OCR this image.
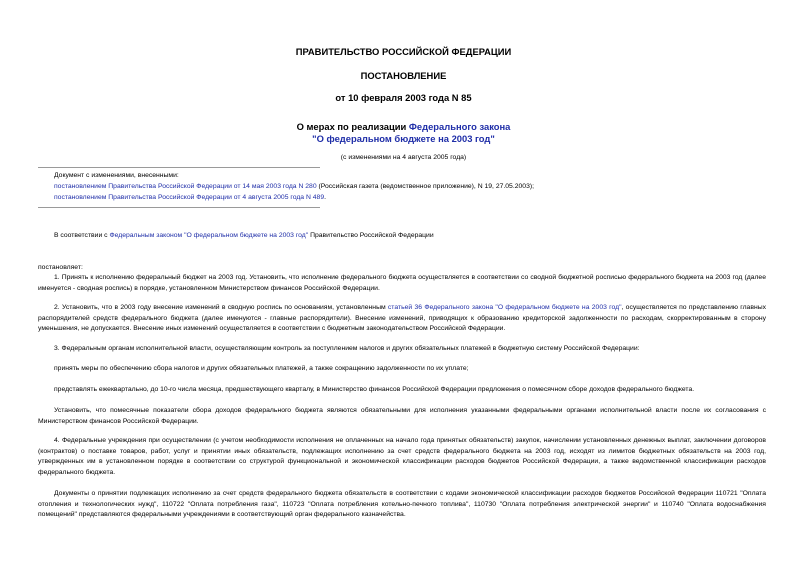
ПРАВИТЕЛЬСТВО РОССИЙСКОЙ ФЕДЕРАЦИИ
ПОСТАНОВЛЕНИЕ
от 10 февраля 2003 года N 85
О мерах по реализации Федерального закона
"О федеральном бюджете на 2003 год"
(с изменениями на 4 августа 2005 года)
Документ с изменениями, внесенными:
постановлением Правительства Российской Федерации от 14 мая 2003 года N 280 (Российская газета (ведомственное приложение), N 19, 27.05.2003);
постановлением Правительства Российской Федерации от 4 августа 2005 года N 489.
В соответствии с Федеральным законом "О федеральном бюджете на 2003 год" Правительство Российской Федерации
постановляет:
1. Принять к исполнению федеральный бюджет на 2003 год. Установить, что исполнение федерального бюджета осуществляется в соответствии со сводной бюджетной росписью федерального бюджета на 2003 год (далее именуется - сводная роспись) в порядке, установленном Министерством финансов Российской Федерации.
2. Установить, что в 2003 году внесение изменений в сводную роспись по основаниям, установленным статьей 36 Федерального закона "О федеральном бюджете на 2003 год", осуществляется по представлению главных распорядителей средств федерального бюджета (далее именуются - главные распорядители). Внесение изменений, приводящих к образованию кредиторской задолженности по расходам, скорректированным в сторону уменьшения, не допускается. Внесение иных изменений осуществляется в соответствии с бюджетным законодательством Российской Федерации.
3. Федеральным органам исполнительной власти, осуществляющим контроль за поступлением налогов и других обязательных платежей в бюджетную систему Российской Федерации:
принять меры по обеспечению сбора налогов и других обязательных платежей, а также сокращению задолженности по их уплате;
представлять ежеквартально, до 10-го числа месяца, предшествующего кварталу, в Министерство финансов Российской Федерации предложения о помесячном сборе доходов федерального бюджета.
Установить, что помесячные показатели сбора доходов федерального бюджета являются обязательными для исполнения указанными федеральными органами исполнительной власти после их согласования с Министерством финансов Российской Федерации.
4. Федеральные учреждения при осуществлении (с учетом необходимости исполнения не оплаченных на начало года принятых обязательств) закупок, начислении установленных денежных выплат, заключении договоров (контрактов) о поставке товаров, работ, услуг и принятии иных обязательств, подлежащих исполнению за счет средств федерального бюджета на 2003 год, исходят из лимитов бюджетных обязательств на 2003 год, утвержденных им в установленном порядке в соответствии со структурой функциональной и экономической классификации расходов бюджетов Российской Федерации, а также ведомственной классификации расходов федерального бюджета.
Документы о принятии подлежащих исполнению за счет средств федерального бюджета обязательств в соответствии с кодами экономической классификации расходов бюджетов Российской Федерации 110721 "Оплата отопления и технологических нужд", 110722 "Оплата потребления газа", 110723 "Оплата потребления котельно-печного топлива", 110730 "Оплата потребления электрической энергии" и 110740 "Оплата водоснабжения помещений" представляются федеральными учреждениями в соответствующий орган федерального казначейства.
